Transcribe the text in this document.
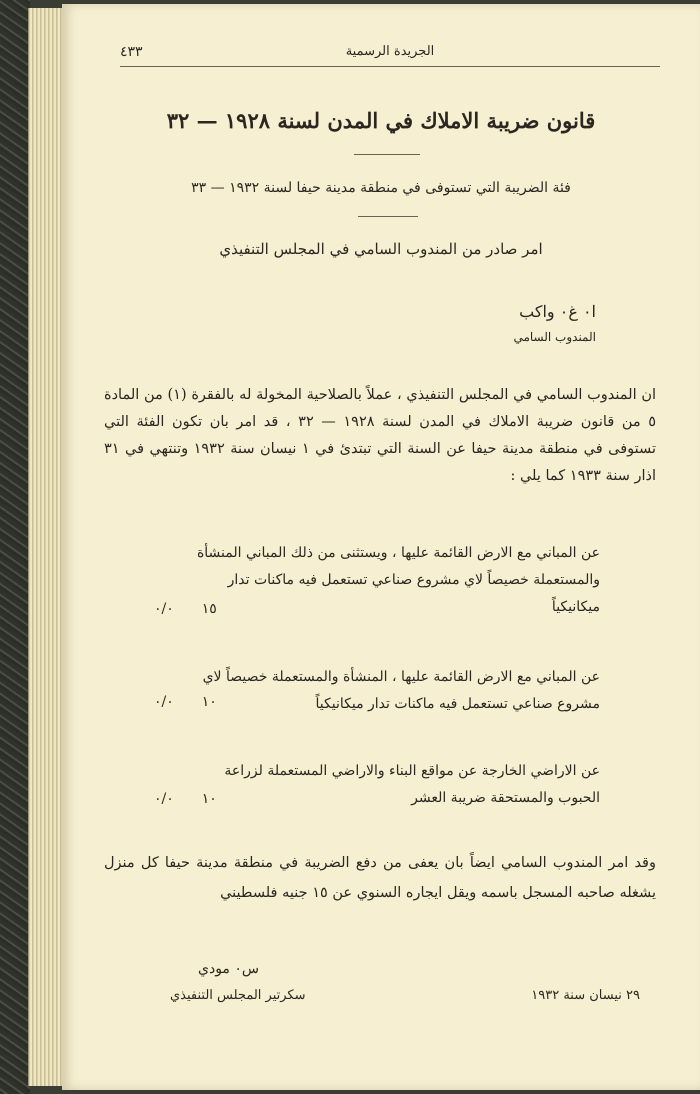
الجريدة الرسمية
٤٣٣
قانون ضريبة الاملاك في المدن لسنة ١٩٢٨ — ٣٢
فئة الضريبة التي تستوفى في منطقة مدينة حيفا لسنة ١٩٣٢ — ٣٣
امر صادر من المندوب السامي في المجلس التنفيذي
ا٠ غ٠ واكب
المندوب السامي
ان المندوب السامي في المجلس التنفيذي ، عملاً بالصلاحية المخولة له بالفقرة (١) من المادة ٥ من قانون ضريبة الاملاك في المدن لسنة ١٩٢٨ — ٣٢ ، قد امر بان تكون الفئة التي تستوفى في منطقة مدينة حيفا عن السنة التي تبتدئ في ١ نيسان سنة ١٩٣٢ وتنتهي في ٣١ اذار سنة ١٩٣٣ كما يلي :
عن المباني مع الارض القائمة عليها ، ويستثنى من ذلك المباني المنشأة والمستعملة خصيصاً لاي مشروع صناعي تستعمل فيه ماكنات تدار ميكانيكياً
١٥٠/٠
عن المباني مع الارض القائمة عليها ، المنشأة والمستعملة خصيصاً لاي مشروع صناعي تستعمل فيه ماكنات تدار ميكانيكياً
١٠٠/٠
عن الاراضي الخارجة عن مواقع البناء والاراضي المستعملة لزراعة الحبوب والمستحقة ضريبة العشر
١٠٠/٠
وقد امر المندوب السامي ايضاً بان يعفى من دفع الضريبة في منطقة مدينة حيفا كل منزل يشغله صاحبه المسجل باسمه ويقل ايجاره السنوي عن ١٥ جنيه فلسطيني
س٠ مودي
سكرتير المجلس التنفيذي	٢٩ نيسان سنة ١٩٣٢
